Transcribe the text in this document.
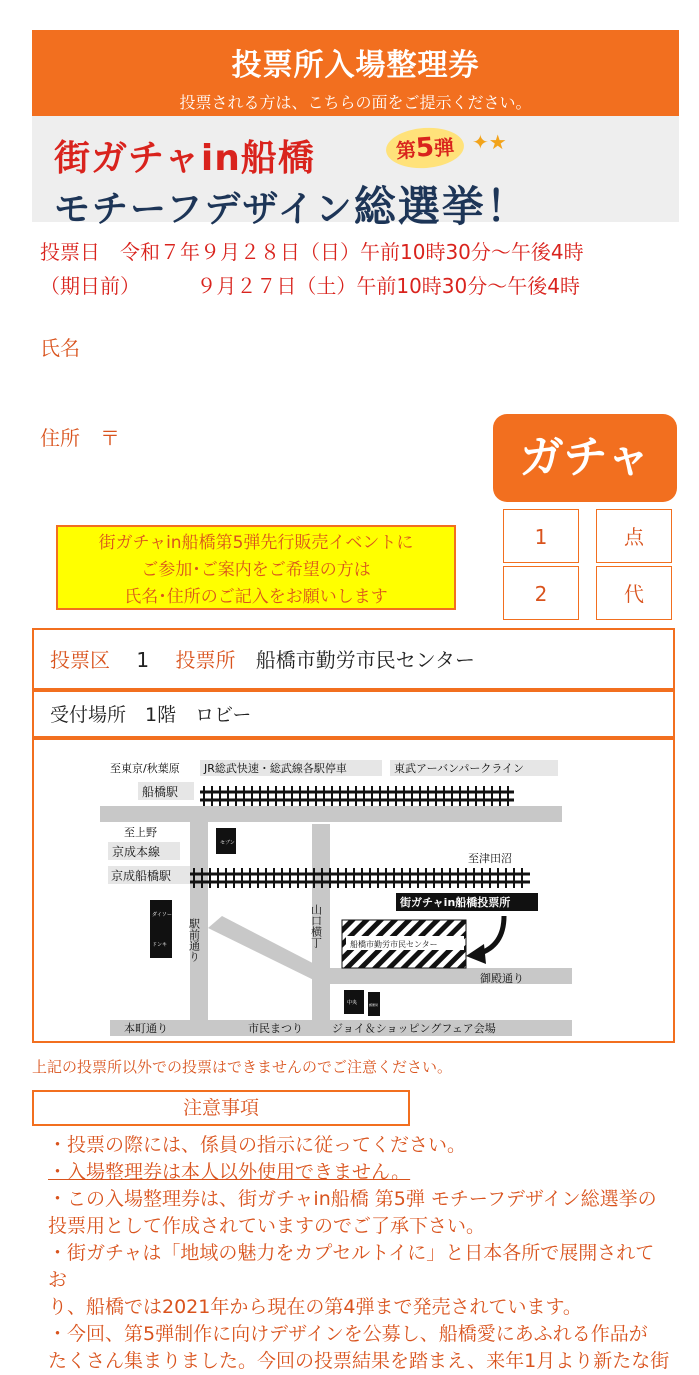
投票所入場整理券
投票される方は、こちらの面をご提示ください。
街ガチャin船橋	第5弾 ✦★
モチーフデザイン総選挙！
投票日　令和７年９月２８日（日）午前10時30分～午後4時
（期日前）　　　 ９月２７日（土）午前10時30分～午後4時
氏名
住所　〒	ガチャ
1	点
2	代
街ガチャin船橋第5弾先行販売イベントに
ご参加･ご案内をご希望の方は
氏名･住所のご記入をお願いします
投票区 1 投票所 船橋市勤労市民センター
受付場所　1階　ロビー
船橋市勤労市民センター
街ガチャin船橋投票所
セブン
ダイソー
ドンキ
中央	郵便局
至東京/秋葉原 JR総武快速・総武線各駅停車	東武アーバンパークライン
船橋駅
至上野
京成本線
京成船橋駅
至津田沼
御殿通り
本町通り	市民まつり	ジョイ＆ショッピングフェア会場
駅前通り	山口横丁
上記の投票所以外での投票はできませんのでご注意ください。
注意事項
・投票の際には、係員の指示に従ってください。
・入場整理券は本人以外使用できません。
・この入場整理券は、街ガチャin船橋 第5弾 モチーフデザイン総選挙の
投票用として作成されていますのでご了承下さい。
・街ガチャは「地域の魅力をカプセルトイに」と日本各所で展開されてお
り、船橋では2021年から現在の第4弾まで発売されています。
・今回、第5弾制作に向けデザインを公募し、船橋愛にあふれる作品が
たくさん集まりました。今回の投票結果を踏まえ、来年1月より新たな街
